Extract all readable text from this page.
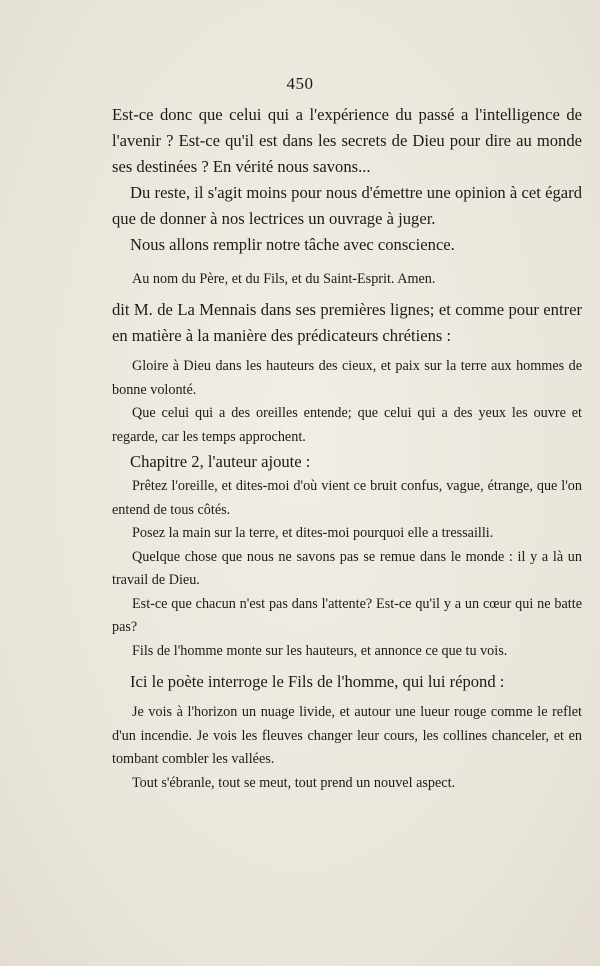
450

Est-ce donc que celui qui a l'expérience du passé a l'intelligence de l'avenir ? Est-ce qu'il est dans les secrets de Dieu pour dire au monde ses destinées ? En vérité nous savons...

Du reste, il s'agit moins pour nous d'émettre une opinion à cet égard que de donner à nos lectrices un ouvrage à juger.

Nous allons remplir notre tâche avec conscience.

Au nom du Père, et du Fils, et du Saint-Esprit. Amen.

dit M. de La Mennais dans ses premières lignes; et comme pour entrer en matière à la manière des prédicateurs chrétiens :

Gloire à Dieu dans les hauteurs des cieux, et paix sur la terre aux hommes de bonne volonté.

Que celui qui a des oreilles entende; que celui qui a des yeux les ouvre et regarde, car les temps approchent.

Chapitre 2, l'auteur ajoute :

Prêtez l'oreille, et dites-moi d'où vient ce bruit confus, vague, étrange, que l'on entend de tous côtés.

Posez la main sur la terre, et dites-moi pourquoi elle a tressailli.

Quelque chose que nous ne savons pas se remue dans le monde : il y a là un travail de Dieu.

Est-ce que chacun n'est pas dans l'attente? Est-ce qu'il y a un cœur qui ne batte pas?

Fils de l'homme monte sur les hauteurs, et annonce ce que tu vois.

Ici le poète interroge le Fils de l'homme, qui lui répond :

Je vois à l'horizon un nuage livide, et autour une lueur rouge comme le reflet d'un incendie. Je vois les fleuves changer leur cours, les collines chanceler, et en tombant combler les vallées.

Tout s'ébranle, tout se meut, tout prend un nouvel aspect.
